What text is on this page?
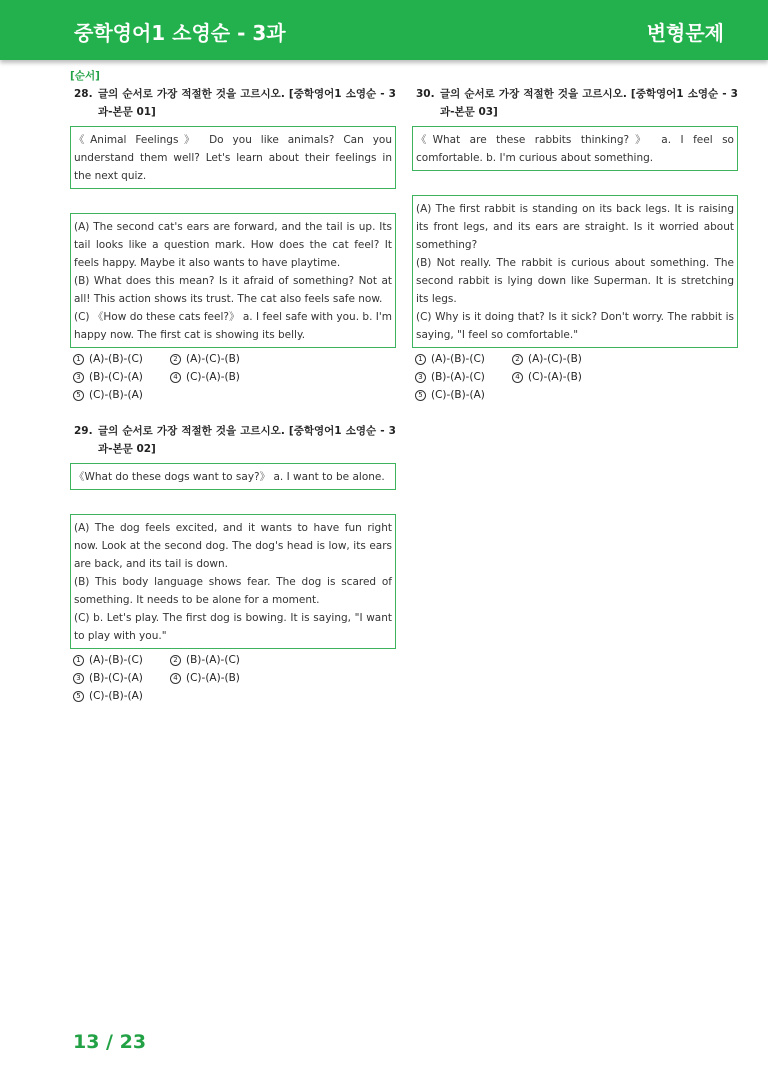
중학영어1 소영순 - 3과	변형문제
[순서]
28. 글의 순서로 가장 적절한 것을 고르시오. [중학영어1 소영순 - 3과-본문 01]

《Animal Feelings》 Do you like animals? Can you understand them well? Let's learn about their feelings in the next quiz.

(A) The second cat's ears are forward, and the tail is up. Its tail looks like a question mark. How does the cat feel? It feels happy. Maybe it also wants to have playtime.

(B) What does this mean? Is it afraid of something? Not at all! This action shows its trust. The cat also feels safe now.

(C) 《How do these cats feel?》 a. I feel safe with you. b. I'm happy now. The first cat is showing its belly.

1 (A)-(B)-(C)	2 (A)-(C)-(B)
3 (B)-(C)-(A)	4 (C)-(A)-(B)
5 (C)-(B)-(A)
29. 글의 순서로 가장 적절한 것을 고르시오. [중학영어1 소영순 - 3과-본문 02]

《What do these dogs want to say?》 a. I want to be alone.

(A) The dog feels excited, and it wants to have fun right now. Look at the second dog. The dog's head is low, its ears are back, and its tail is down.

(B) This body language shows fear. The dog is scared of something. It needs to be alone for a moment.

(C) b. Let's play. The first dog is bowing. It is saying, "I want to play with you."

1 (A)-(B)-(C)	2 (B)-(A)-(C)
3 (B)-(C)-(A)	4 (C)-(A)-(B)
5 (C)-(B)-(A)
30. 글의 순서로 가장 적절한 것을 고르시오. [중학영어1 소영순 - 3과-본문 03]

《What are these rabbits thinking?》 a. I feel so comfortable. b. I'm curious about something.

(A) The first rabbit is standing on its back legs. It is raising its front legs, and its ears are straight. Is it worried about something?

(B) Not really. The rabbit is curious about something. The second rabbit is lying down like Superman. It is stretching its legs.

(C) Why is it doing that? Is it sick? Don't worry. The rabbit is saying, "I feel so comfortable."

1 (A)-(B)-(C)	2 (A)-(C)-(B)
3 (B)-(A)-(C)	4 (C)-(A)-(B)
5 (C)-(B)-(A)
13 / 23
